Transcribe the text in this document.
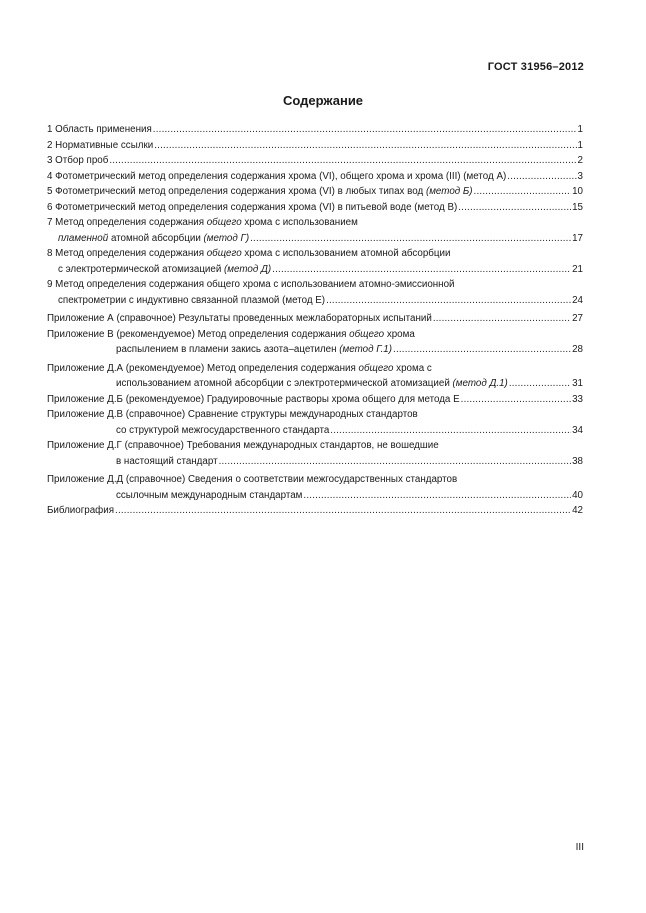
ГОСТ 31956–2012
Содержание
1 Область применения .....	1
2 Нормативные ссылки .....	1
3 Отбор проб .....	2
4 Фотометрический метод определения содержания хрома (VI), общего хрома и хрома (III) (метод А) .....	3
5 Фотометрический метод определения содержания хрома (VI) в любых типах вод (метод Б) .....	10
6 Фотометрический метод определения содержания хрома (VI) в питьевой воде (метод В) .....	15
7 Метод определения содержания общего хрома с использованием
пламенной атомной абсорбции (метод Г) .....	17
8 Метод определения содержания общего хрома с использованием атомной абсорбции
с электротермической атомизацией (метод Д) .....	21
9 Метод определения содержания общего хрома с использованием атомно-эмиссионной
спектрометрии с индуктивно связанной плазмой (метод Е) .....	24
Приложение А (справочное) Результаты проведенных межлабораторных испытаний .....	27
Приложение В (рекомендуемое) Метод определения содержания общего хрома
распылением в пламени закись азота–ацетилен (метод Г.1) .....	28
Приложение Д.А (рекомендуемое) Метод определения содержания общего хрома с
использованием атомной абсорбции с электротермической атомизацией (метод Д.1) .....	31
Приложение Д.Б (рекомендуемое) Градуировочные растворы хрома общего для метода Е .....	33
Приложение Д.В (справочное) Сравнение структуры международных стандартов
со структурой межгосударственного стандарта .....	34
Приложение Д.Г (справочное) Требования международных стандартов, не вошедшие
в настоящий стандарт .....	38
Приложение Д.Д (справочное) Сведения о соответствии межгосударственных стандартов
ссылочным международным стандартам .....	40
Библиография .....	42
III
